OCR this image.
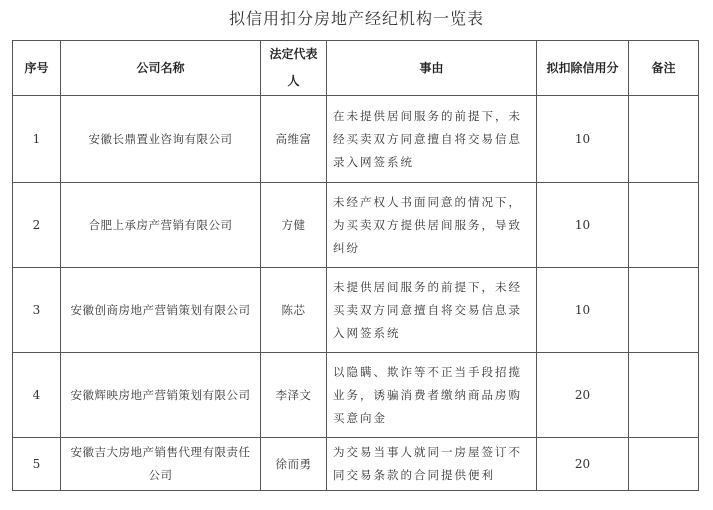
拟信用扣分房地产经纪机构一览表
序号	公司名称	法定代表人	事由	拟扣除信用分	备注
1	安徽长鼎置业咨询有限公司	高维富	在未提供居间服务的前提下，未经买卖双方同意擅自将交易信息录入网签系统	10	
2	合肥上承房产营销有限公司	方健	未经产权人书面同意的情况下，为买卖双方提供居间服务，导致纠纷	10	
3	安徽创商房地产营销策划有限公司	陈芯	未提供居间服务的前提下，未经买卖双方同意擅自将交易信息录入网签系统	10	
4	安徽辉映房地产营销策划有限公司	李泽文	以隐瞒、欺诈等不正当手段招揽业务，诱骗消费者缴纳商品房购买意向金	20	
5	安徽吉大房地产销售代理有限责任公司	徐而勇	为交易当事人就同一房屋签订不同交易条款的合同提供便利	20	
